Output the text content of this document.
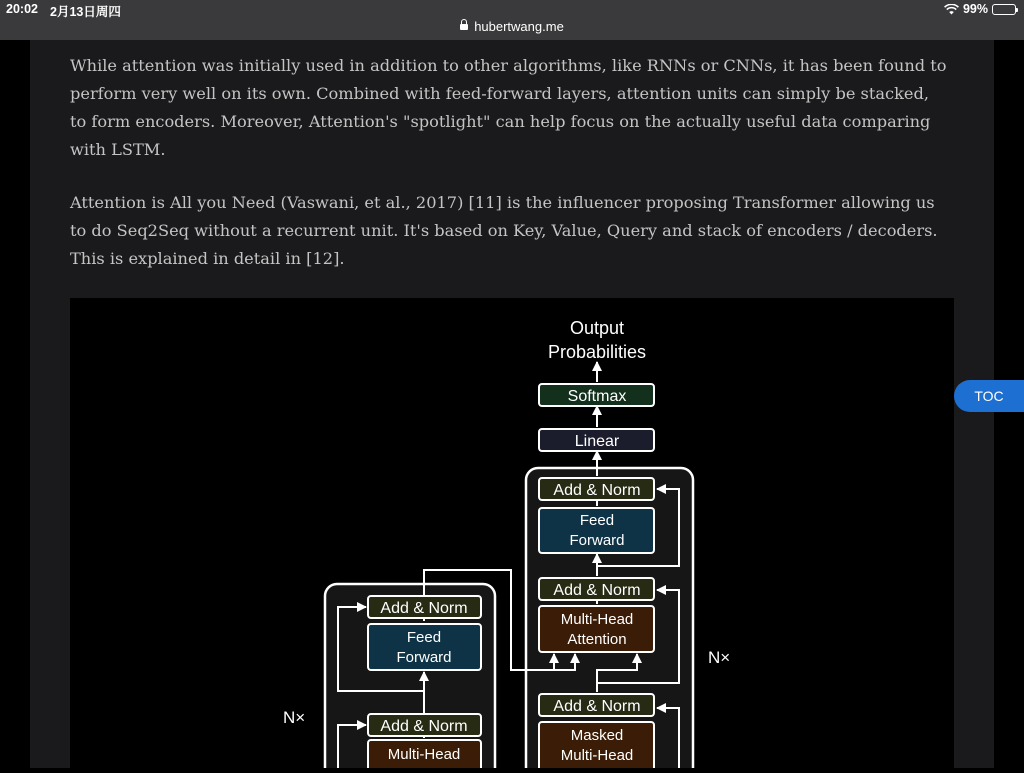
20:02 2月13日周四	99%
hubertwang.me

While attention was initially used in addition to other algorithms, like RNNs or CNNs, it has been found to perform very well on its own. Combined with feed-forward layers, attention units can simply be stacked, to form encoders. Moreover, Attention's "spotlight" can help focus on the actually useful data comparing with LSTM.

Attention is All you Need (Vaswani, et al., 2017) [11] is the influencer proposing Transformer allowing us to do Seq2Seq without a recurrent unit. It's based on Key, Value, Query and stack of encoders / decoders. This is explained in detail in [12].

Output
Probabilities
Softmax
Linear
Add & Norm
Feed
Forward
Add & Norm
Multi-Head
Attention
Add & Norm
Masked
Multi-Head
Add & Norm
Feed
Forward
Add & Norm
Multi-Head
N×
N×
TOC
